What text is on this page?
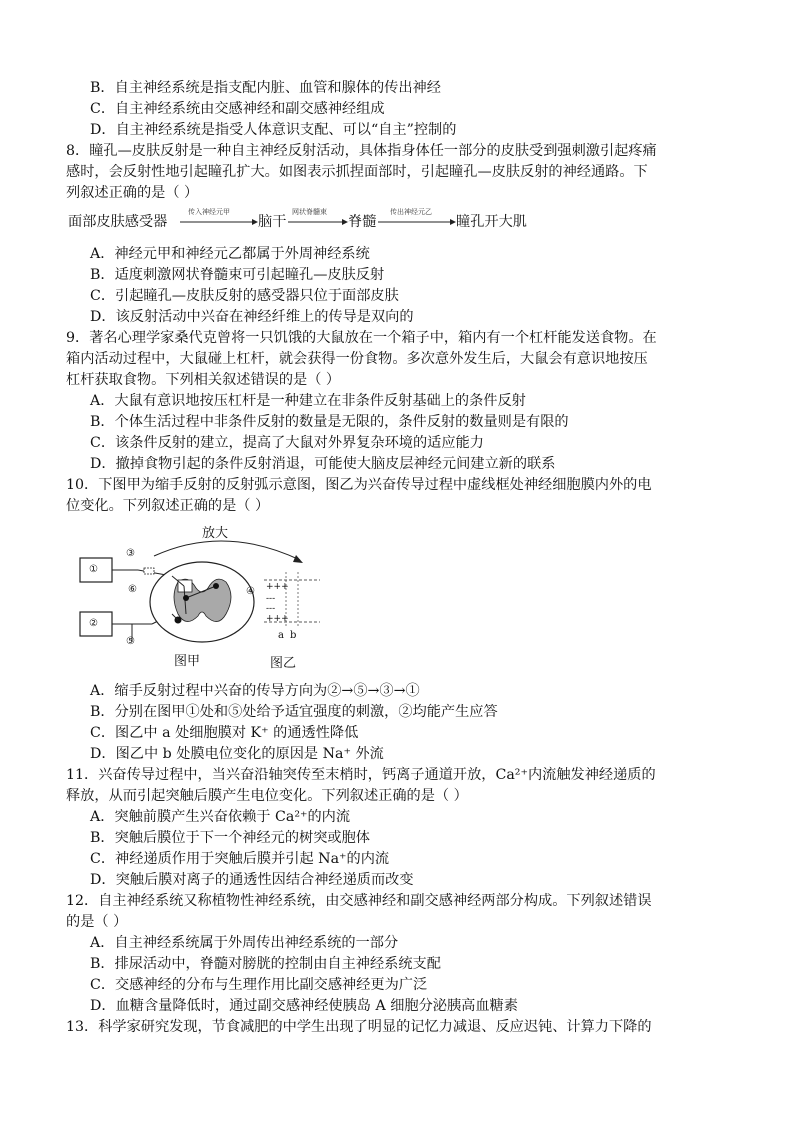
B．自主神经系统是指支配内脏、血管和腺体的传出神经
C．自主神经系统由交感神经和副交感神经组成
D．自主神经系统是指受人体意识支配、可以“自主”控制的
8．瞳孔—皮肤反射是一种自主神经反射活动，具体指身体任一部分的皮肤受到强刺激引起疼痛
感时，会反射性地引起瞳孔扩大。如图表示抓捏面部时，引起瞳孔—皮肤反射的神经通路。下
列叙述正确的是（ ）
面部皮肤感受器
传入神经元甲
脑干
网状脊髓束
脊髓
传出神经元乙
瞳孔开大肌
A．神经元甲和神经元乙都属于外周神经系统
B．适度刺激网状脊髓束可引起瞳孔—皮肤反射
C．引起瞳孔—皮肤反射的感受器只位于面部皮肤
D．该反射活动中兴奋在神经纤维上的传导是双向的
9．著名心理学家桑代克曾将一只饥饿的大鼠放在一个箱子中，箱内有一个杠杆能发送食物。在
箱内活动过程中，大鼠碰上杠杆，就会获得一份食物。多次意外发生后，大鼠会有意识地按压
杠杆获取食物。下列相关叙述错误的是（ ）
A．大鼠有意识地按压杠杆是一种建立在非条件反射基础上的条件反射
B．个体生活过程中非条件反射的数量是无限的，条件反射的数量则是有限的
C．该条件反射的建立，提高了大鼠对外界复杂环境的适应能力
D．撤掉食物引起的条件反射消退，可能使大脑皮层神经元间建立新的联系
10．下图甲为缩手反射的反射弧示意图，图乙为兴奋传导过程中虚线框处神经细胞膜内外的电
位变化。下列叙述正确的是（ ）
放大
③
①
②
⑥	④
⑤
+++
---
---
+++
a b
图甲	图乙
A．缩手反射过程中兴奋的传导方向为②→⑤→③→①
B．分别在图甲①处和⑤处给予适宜强度的刺激，②均能产生应答
C．图乙中 a 处细胞膜对 K⁺ 的通透性降低
D．图乙中 b 处膜电位变化的原因是 Na⁺ 外流
11．兴奋传导过程中，当兴奋沿轴突传至末梢时，钙离子通道开放，Ca²⁺内流触发神经递质的
释放，从而引起突触后膜产生电位变化。下列叙述正确的是（ ）
A．突触前膜产生兴奋依赖于 Ca²⁺的内流
B．突触后膜位于下一个神经元的树突或胞体
C．神经递质作用于突触后膜并引起 Na⁺的内流
D．突触后膜对离子的通透性因结合神经递质而改变
12．自主神经系统又称植物性神经系统，由交感神经和副交感神经两部分构成。下列叙述错误
的是（ ）
A．自主神经系统属于外周传出神经系统的一部分
B．排尿活动中，脊髓对膀胱的控制由自主神经系统支配
C．交感神经的分布与生理作用比副交感神经更为广泛
D．血糖含量降低时，通过副交感神经使胰岛 A 细胞分泌胰高血糖素
13．科学家研究发现，节食减肥的中学生出现了明显的记忆力减退、反应迟钝、计算力下降的
